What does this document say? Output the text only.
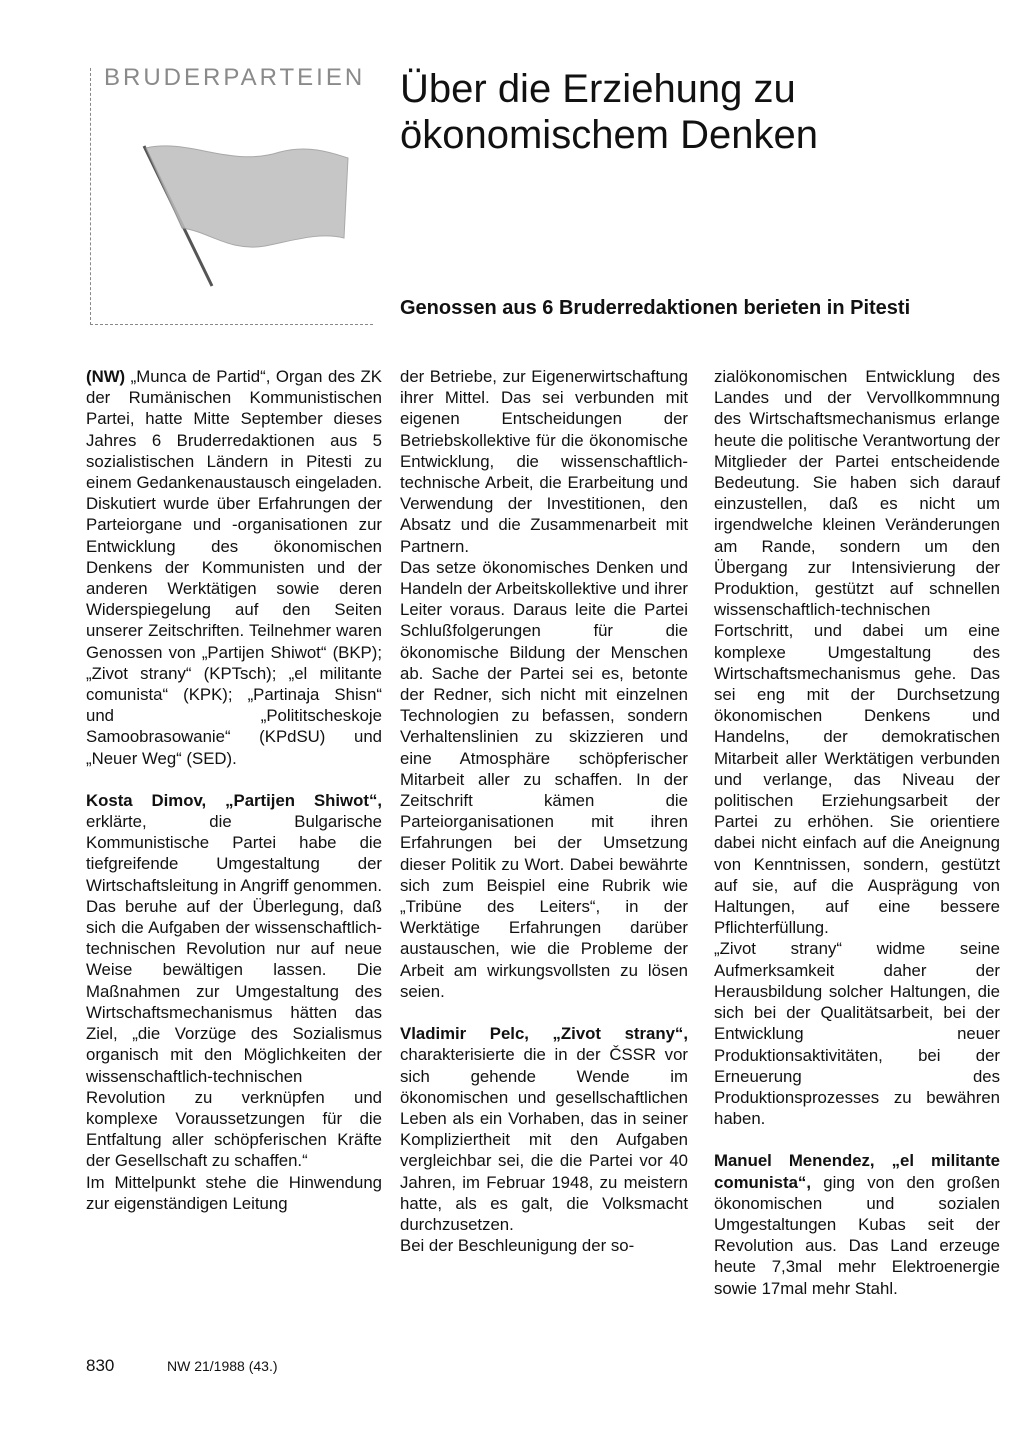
BRUDERPARTEIEN Über die Erziehung zu ökonomischem Denken
Genossen aus 6 Bruderredaktionen berieten in Pitesti

(NW) „Munca de Partid“, Organ des ZK der Rumänischen Kommunistischen Partei, hatte Mitte September dieses Jahres 6 Bruderredaktionen aus 5 sozialistischen Ländern in Pitesti zu einem Gedankenaustausch eingeladen. Diskutiert wurde über Erfahrungen der Parteiorgane und -organisationen zur Entwicklung des ökonomischen Denkens der Kommunisten und der anderen Werktätigen sowie deren Widerspiegelung auf den Seiten unserer Zeitschriften. Teilnehmer waren Genossen von „Partijen Shiwot“ (BKP); „Zivot strany“ (KPTsch); „el militante comunista“ (KPK); „Partinaja Shisn“ und „Polititscheskoje Samoobrasowanie“ (KPdSU) und „Neuer Weg“ (SED).

Kosta Dimov, „Partijen Shiwot“, erklärte, die Bulgarische Kommunistische Partei habe die tiefgreifende Umgestaltung der Wirtschaftsleitung in Angriff genommen. Das beruhe auf der Überlegung, daß sich die Aufgaben der wissenschaftlich-technischen Revolution nur auf neue Weise bewältigen lassen. Die Maßnahmen zur Umgestaltung des Wirtschaftsmechanismus hätten das Ziel, „die Vorzüge des Sozialismus organisch mit den Möglichkeiten der wissenschaftlich-technischen Revolution zu verknüpfen und komplexe Voraussetzungen für die Entfaltung aller schöpferischen Kräfte der Gesellschaft zu schaffen.“

Im Mittelpunkt stehe die Hinwendung zur eigenständigen Leitung

der Betriebe, zur Eigenerwirtschaftung ihrer Mittel. Das sei verbunden mit eigenen Entscheidungen der Betriebskollektive für die ökonomische Entwicklung, die wissenschaftlich-technische Arbeit, die Erarbeitung und Verwendung der Investitionen, den Absatz und die Zusammenarbeit mit Partnern.

Das setze ökonomisches Denken und Handeln der Arbeitskollektive und ihrer Leiter voraus. Daraus leite die Partei Schlußfolgerungen für die ökonomische Bildung der Menschen ab. Sache der Partei sei es, betonte der Redner, sich nicht mit einzelnen Technologien zu befassen, sondern Verhaltenslinien zu skizzieren und eine Atmosphäre schöpferischer Mitarbeit aller zu schaffen. In der Zeitschrift kämen die Parteiorganisationen mit ihren Erfahrungen bei der Umsetzung dieser Politik zu Wort. Dabei bewährte sich zum Beispiel eine Rubrik wie „Tribüne des Leiters“, in der Werktätige Erfahrungen darüber austauschen, wie die Probleme der Arbeit am wirkungsvollsten zu lösen seien.

Vladimir Pelc, „Zivot strany“, charakterisierte die in der ČSSR vor sich gehende Wende im ökonomischen und gesellschaftlichen Leben als ein Vorhaben, das in seiner Kompliziertheit mit den Aufgaben vergleichbar sei, die die Partei vor 40 Jahren, im Februar 1948, zu meistern hatte, als es galt, die Volksmacht durchzusetzen.

Bei der Beschleunigung der so-

zialökonomischen Entwicklung des Landes und der Vervollkommnung des Wirtschaftsmechanismus erlange heute die politische Verantwortung der Mitglieder der Partei entscheidende Bedeutung. Sie haben sich darauf einzustellen, daß es nicht um irgendwelche kleinen Veränderungen am Rande, sondern um den Übergang zur Intensivierung der Produktion, gestützt auf schnellen wissenschaftlich-technischen Fortschritt, und dabei um eine komplexe Umgestaltung des Wirtschaftsmechanismus gehe. Das sei eng mit der Durchsetzung ökonomischen Denkens und Handelns, der demokratischen Mitarbeit aller Werktätigen verbunden und verlange, das Niveau der politischen Erziehungsarbeit der Partei zu erhöhen. Sie orientiere dabei nicht einfach auf die Aneignung von Kenntnissen, sondern, gestützt auf sie, auf die Ausprägung von Haltungen, auf eine bessere Pflichterfüllung.

„Zivot strany“ widme seine Aufmerksamkeit daher der Herausbildung solcher Haltungen, die sich bei der Qualitätsarbeit, bei der Entwicklung neuer Produktionsaktivitäten, bei der Erneuerung des Produktionsprozesses zu bewähren haben.

Manuel Menendez, „el militante comunista“, ging von den großen ökonomischen und sozialen Umgestaltungen Kubas seit der Revolution aus. Das Land erzeuge heute 7,3mal mehr Elektroenergie sowie 17mal mehr Stahl.

830	NW 21/1988 (43.)
